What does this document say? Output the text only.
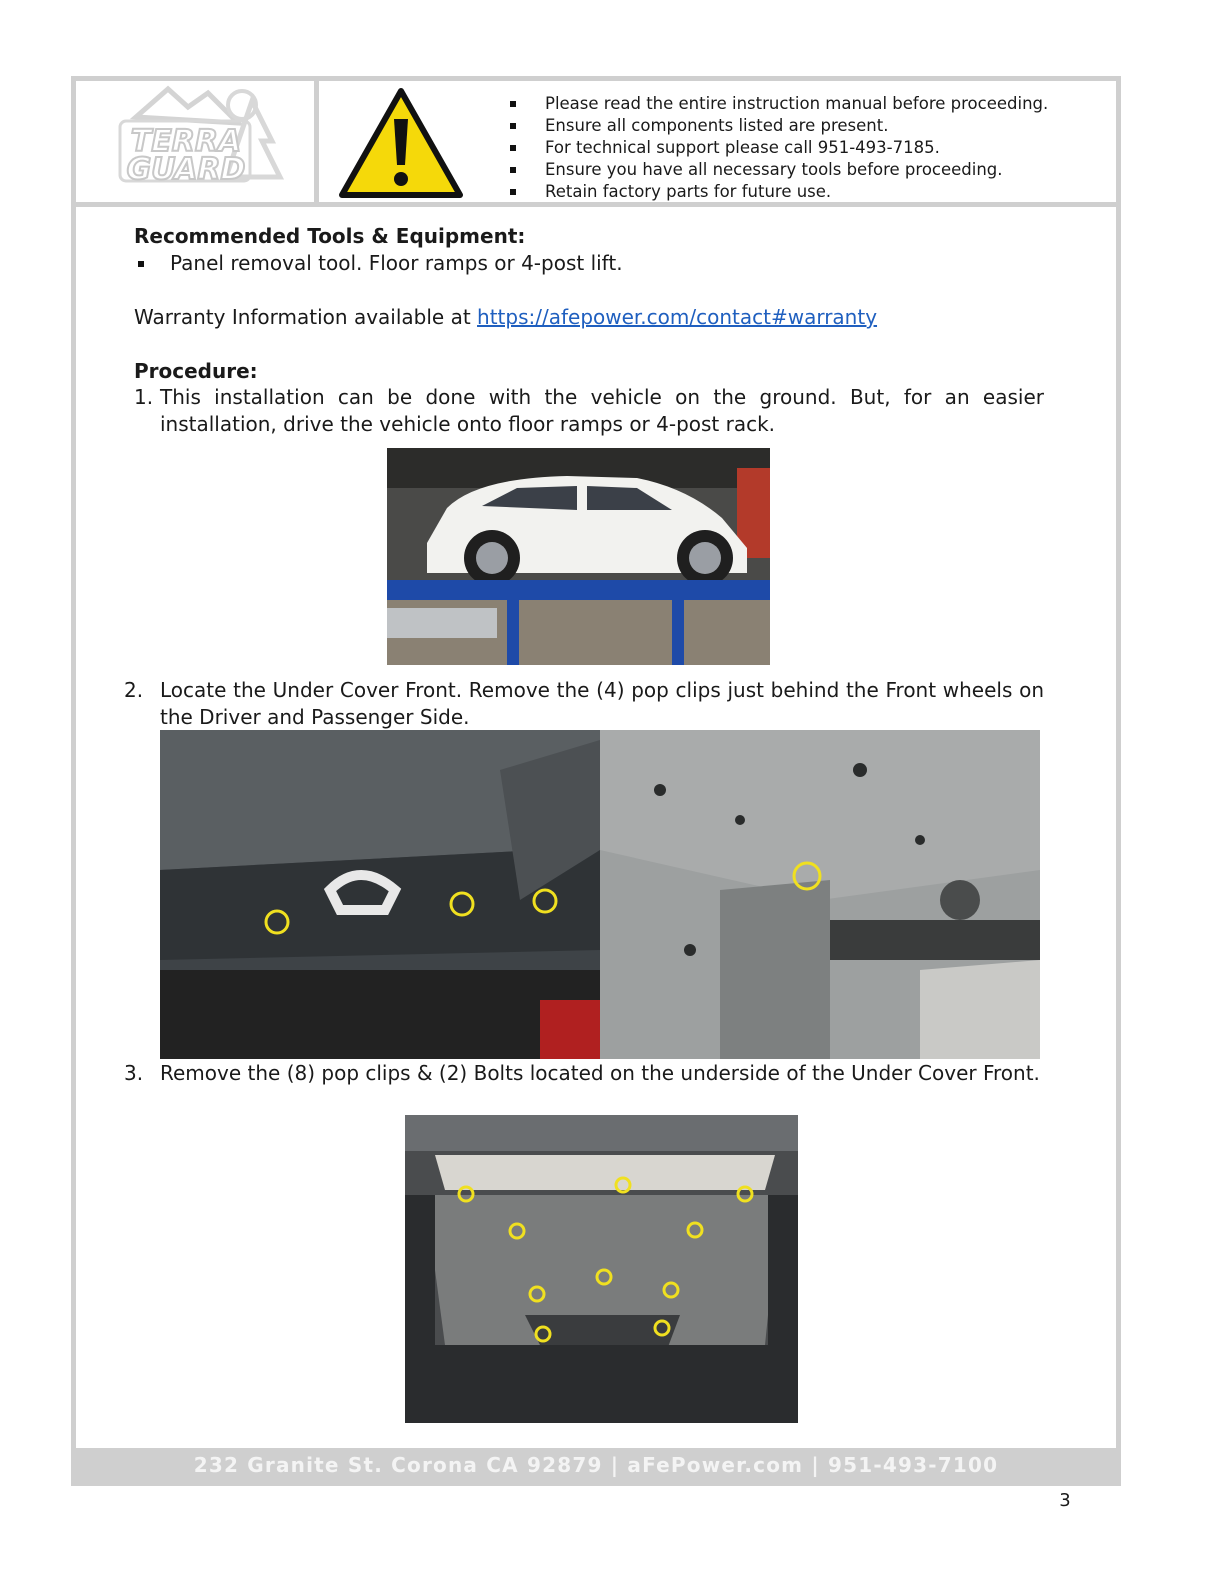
TERRA
GUARD
Please read the entire instruction manual before proceeding.
Ensure all components listed are present.
For technical support please call 951-493-7185.
Ensure you have all necessary tools before proceeding.
Retain factory parts for future use.

Recommended Tools & Equipment:

Panel removal tool. Floor ramps or 4-post lift.
Warranty Information available at https://afepower.com/contact#warranty

Procedure:

1. This installation can be done with the vehicle on the ground. But, for an easier installation, drive the vehicle onto floor ramps or 4-post rack.
2. Locate the Under Cover Front. Remove the (4) pop clips just behind the Front wheels on the Driver and Passenger Side.
3. Remove the (8) pop clips & (2) Bolts located on the underside of the Under Cover Front.
232 Granite St. Corona CA 92879 | aFePower.com | 951-493-7100
3
